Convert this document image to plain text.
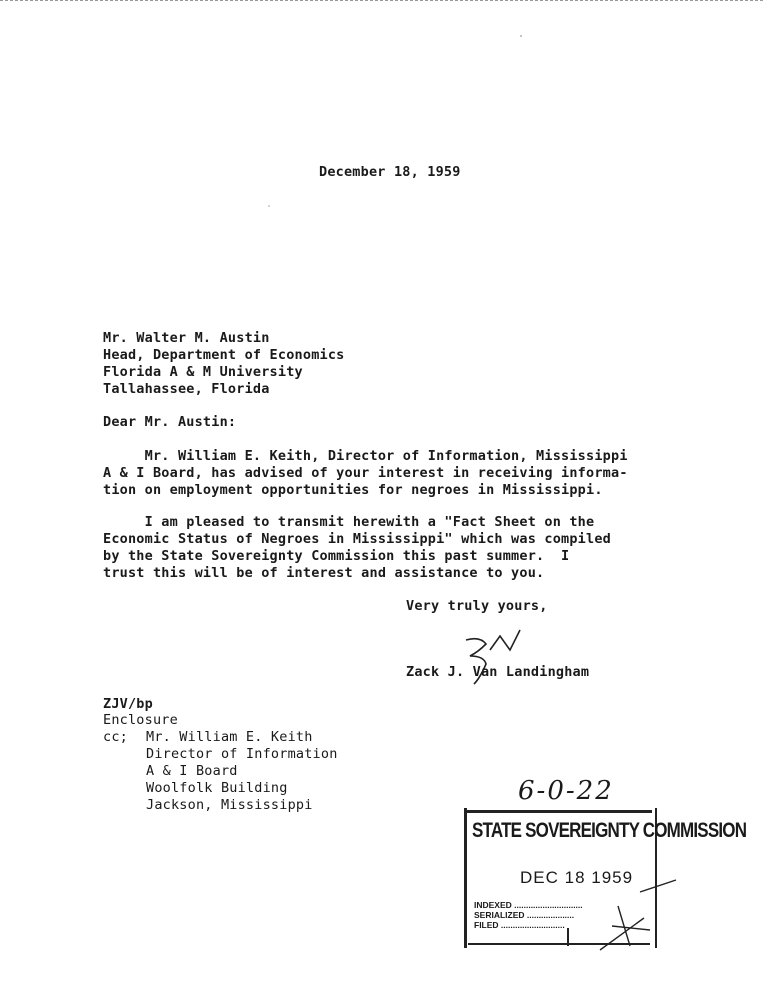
December 18, 1959
Mr. Walter M. Austin
Head, Department of Economics
Florida A & M University
Tallahassee, Florida
Dear Mr. Austin:
Mr. William E. Keith, Director of Information, Mississippi
A & I Board, has advised of your interest in receiving informa-
tion on employment opportunities for negroes in Mississippi.
I am pleased to transmit herewith a "Fact Sheet on the
Economic Status of Negroes in Mississippi" which was compiled
by the State Sovereignty Commission this past summer.  I
trust this will be of interest and assistance to you.
Very truly yours,
Zack J. Van Landingham
ZJV/bp
Enclosure
cc; Mr. William E. Keith
Director of Information
A & I Board
Woolfolk Building
Jackson, Mississippi	6-0-22
STATE SOVEREIGNTY COMMISSION
DEC 18 1959
INDEXED .............................
SERIALIZED ....................
FILED ...........................
